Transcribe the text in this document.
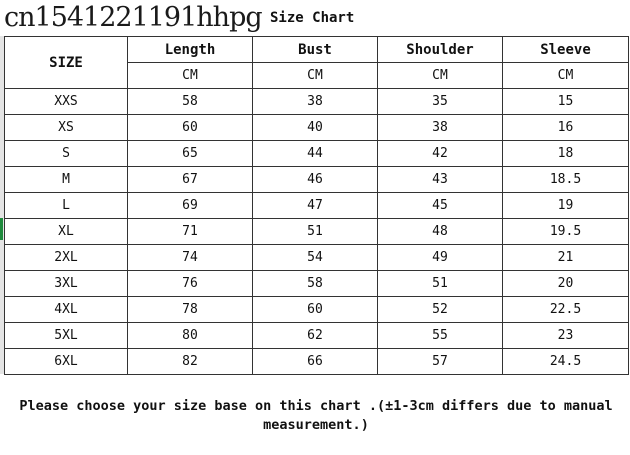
cn1541221191hhpg Size Chart
SIZE	Length	Bust	Shoulder	Sleeve
	CM	CM	CM	CM
XXS	58	38	35	15
XS	60	40	38	16
S	65	44	42	18
M	67	46	43	18.5
L	69	47	45	19
XL	71	51	48	19.5
2XL	74	54	49	21
3XL	76	58	51	20
4XL	78	60	52	22.5
5XL	80	62	55	23
6XL	82	66	57	24.5
Please choose your size base on this chart .(±1-3cm differs due to manual measurement.)
